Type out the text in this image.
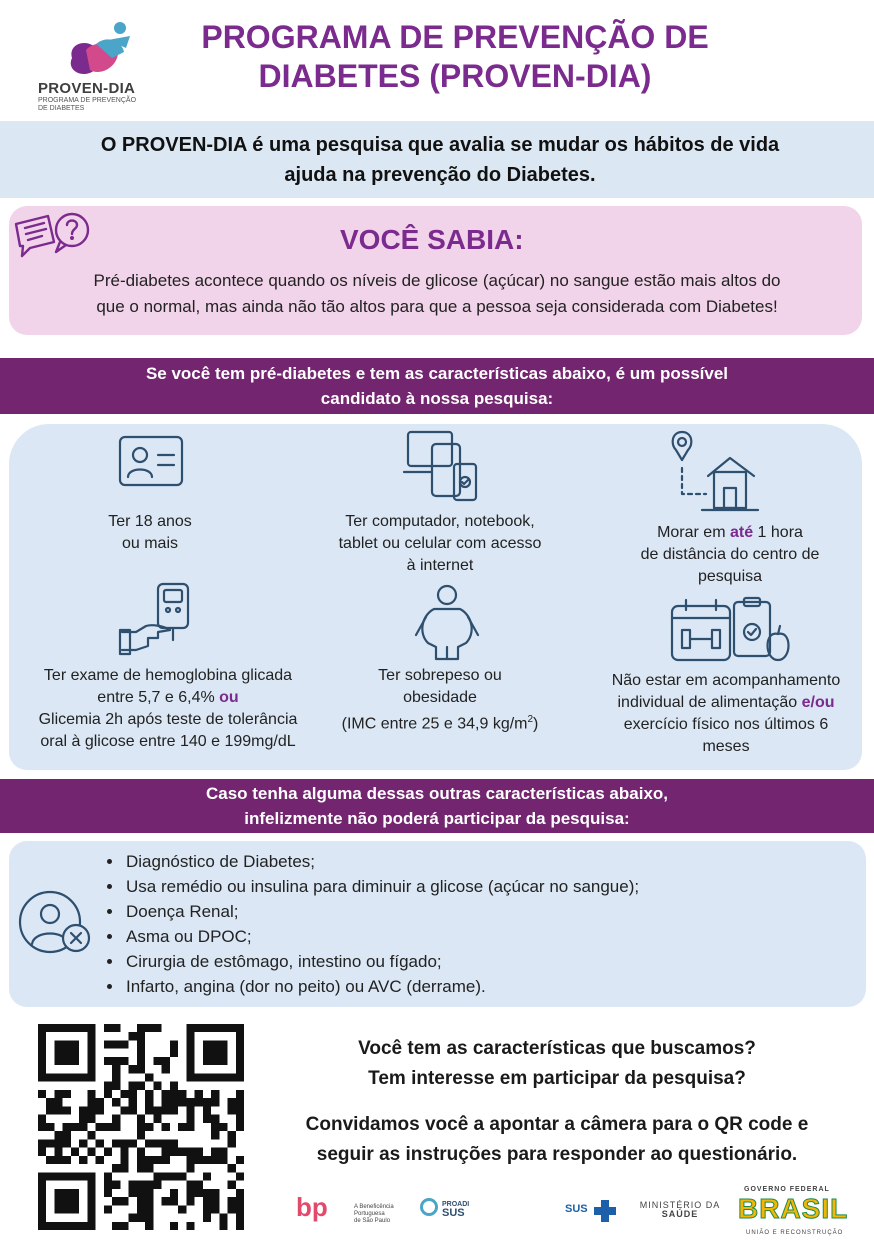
PROVEN-DIA
PROGRAMA DE PREVENÇÃO
DE DIABETES
PROGRAMA DE PREVENÇÃO DE
DIABETES (PROVEN-DIA)
O PROVEN-DIA é uma pesquisa que avalia se mudar os hábitos de vida
ajuda na prevenção do Diabetes.
VOCÊ SABIA:
Pré-diabetes acontece quando os níveis de glicose (açúcar) no sangue estão mais altos do
que o normal, mas ainda não tão altos para que a pessoa seja considerada com Diabetes!
Se você tem pré-diabetes e tem as características abaixo, é um possível
candidato à nossa pesquisa:
Ter 18 anos
ou mais
Ter computador, notebook,
tablet ou celular com acesso
à internet
Morar em até 1 hora
de distância do centro de
pesquisa
Ter exame de hemoglobina glicada
entre 5,7 e 6,4% ou
Glicemia 2h após teste de tolerância
oral à glicose entre 140 e 199mg/dL
Ter sobrepeso ou
obesidade
(IMC entre 25 e 34,9 $kg/m^2$)
Não estar em acompanhamento
individual de alimentação e/ou
exercício físico nos últimos 6
meses
Caso tenha alguma dessas outras características abaixo,
infelizmente não poderá participar da pesquisa:
• Diagnóstico de Diabetes;
• Usa remédio ou insulina para diminuir a glicose (açúcar no sangue);
• Doença Renal;
• Asma ou DPOC;
• Cirurgia de estômago, intestino ou fígado;
• Infarto, angina (dor no peito) ou AVC (derrame).
Você tem as características que buscamos?
Tem interesse em participar da pesquisa?
Convidamos você a apontar a câmera para o QR code e
seguir as instruções para responder ao questionário.
bp	A Beneficência
Portuguesa
de São Paulo
PROADI
SUS	SUS	MINISTÉRIO DA
SAÚDE
GOVERNO FEDERAL
BRASIL
UNIÃO E RECONSTRUÇÃO
